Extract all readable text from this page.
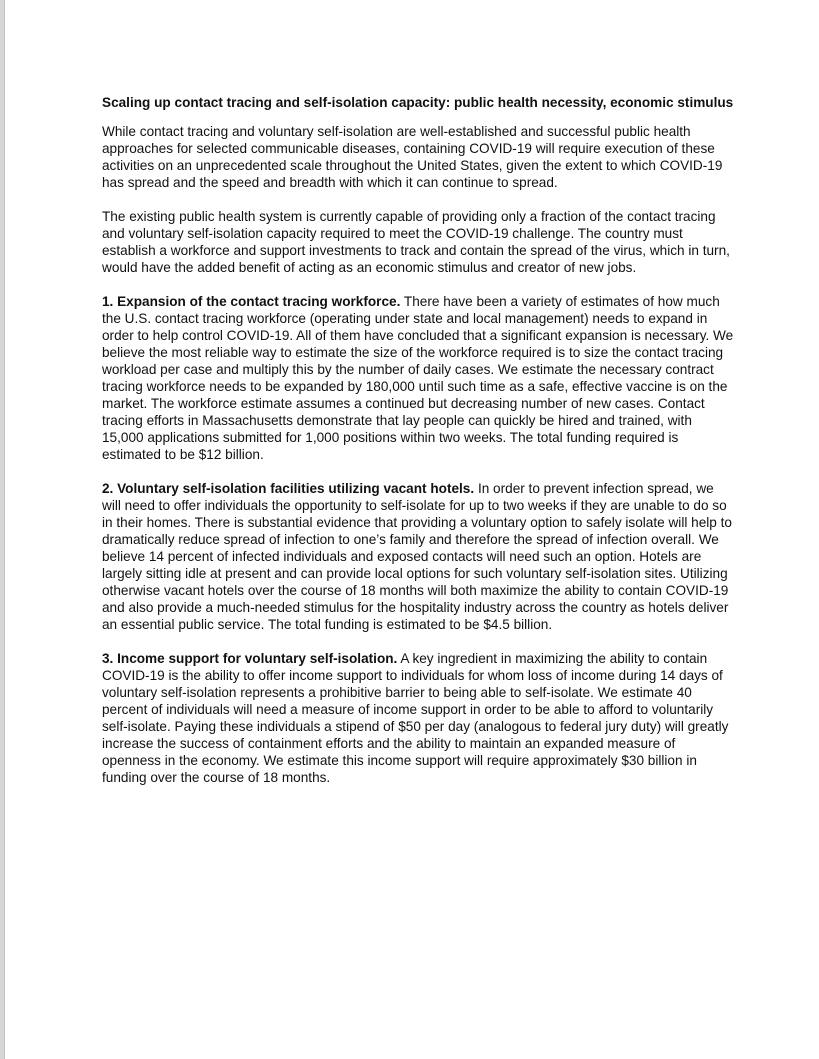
Scaling up contact tracing and self-isolation capacity: public health necessity, economic stimulus

While contact tracing and voluntary self-isolation are well-established and successful public health approaches for selected communicable diseases, containing COVID-19 will require execution of these activities on an unprecedented scale throughout the United States, given the extent to which COVID-19 has spread and the speed and breadth with which it can continue to spread.

The existing public health system is currently capable of providing only a fraction of the contact tracing and voluntary self-isolation capacity required to meet the COVID-19 challenge. The country must establish a workforce and support investments to track and contain the spread of the virus, which in turn, would have the added benefit of acting as an economic stimulus and creator of new jobs.

1. Expansion of the contact tracing workforce. There have been a variety of estimates of how much the U.S. contact tracing workforce (operating under state and local management) needs to expand in order to help control COVID-19. All of them have concluded that a significant expansion is necessary. We believe the most reliable way to estimate the size of the workforce required is to size the contact tracing workload per case and multiply this by the number of daily cases. We estimate the necessary contract tracing workforce needs to be expanded by 180,000 until such time as a safe, effective vaccine is on the market. The workforce estimate assumes a continued but decreasing number of new cases. Contact tracing efforts in Massachusetts demonstrate that lay people can quickly be hired and trained, with 15,000 applications submitted for 1,000 positions within two weeks. The total funding required is estimated to be $12 billion.

2. Voluntary self-isolation facilities utilizing vacant hotels. In order to prevent infection spread, we will need to offer individuals the opportunity to self-isolate for up to two weeks if they are unable to do so in their homes. There is substantial evidence that providing a voluntary option to safely isolate will help to dramatically reduce spread of infection to one’s family and therefore the spread of infection overall. We believe 14 percent of infected individuals and exposed contacts will need such an option. Hotels are largely sitting idle at present and can provide local options for such voluntary self-isolation sites. Utilizing otherwise vacant hotels over the course of 18 months will both maximize the ability to contain COVID-19 and also provide a much-needed stimulus for the hospitality industry across the country as hotels deliver an essential public service. The total funding is estimated to be $4.5 billion.

3. Income support for voluntary self-isolation. A key ingredient in maximizing the ability to contain COVID-19 is the ability to offer income support to individuals for whom loss of income during 14 days of voluntary self-isolation represents a prohibitive barrier to being able to self-isolate. We estimate 40 percent of individuals will need a measure of income support in order to be able to afford to voluntarily self-isolate. Paying these individuals a stipend of $50 per day (analogous to federal jury duty) will greatly increase the success of containment efforts and the ability to maintain an expanded measure of openness in the economy. We estimate this income support will require approximately $30 billion in funding over the course of 18 months.
